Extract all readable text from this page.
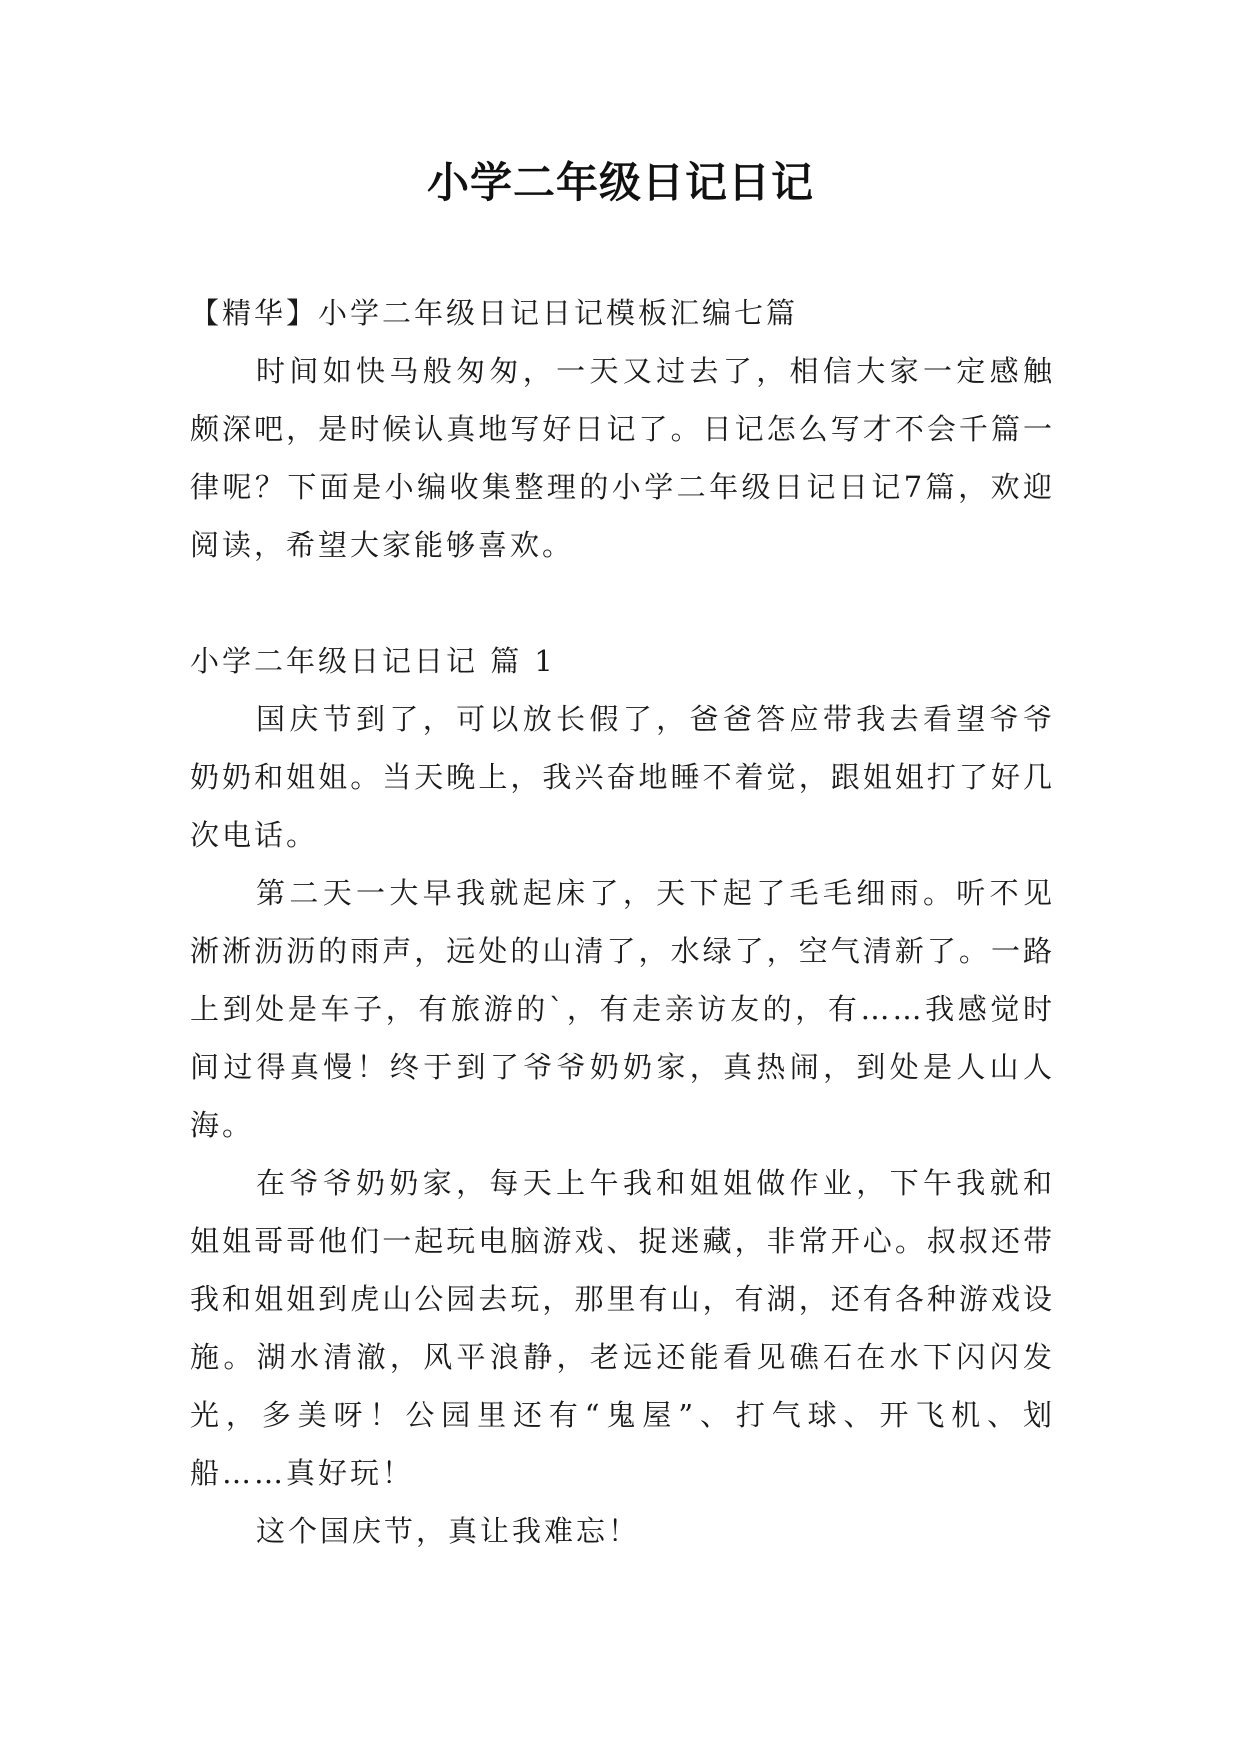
小学二年级日记日记

【精华】小学二年级日记日记模板汇编七篇

时间如快马般匆匆，一天又过去了，相信大家一定感触颇深吧，是时候认真地写好日记了。日记怎么写才不会千篇一律呢？下面是小编收集整理的小学二年级日记日记7篇，欢迎阅读，希望大家能够喜欢。

小学二年级日记日记 篇 1

国庆节到了，可以放长假了，爸爸答应带我去看望爷爷奶奶和姐姐。当天晚上，我兴奋地睡不着觉，跟姐姐打了好几次电话。

第二天一大早我就起床了，天下起了毛毛细雨。听不见淅淅沥沥的雨声，远处的山清了，水绿了，空气清新了。一路上到处是车子，有旅游的`，有走亲访友的，有……我感觉时间过得真慢！终于到了爷爷奶奶家，真热闹，到处是人山人海。

在爷爷奶奶家，每天上午我和姐姐做作业，下午我就和姐姐哥哥他们一起玩电脑游戏、捉迷藏，非常开心。叔叔还带我和姐姐到虎山公园去玩，那里有山，有湖，还有各种游戏设施。湖水清澈，风平浪静，老远还能看见礁石在水下闪闪发光，多美呀！公园里还有“鬼屋”、打气球、开飞机、划船……真好玩！

这个国庆节，真让我难忘！
